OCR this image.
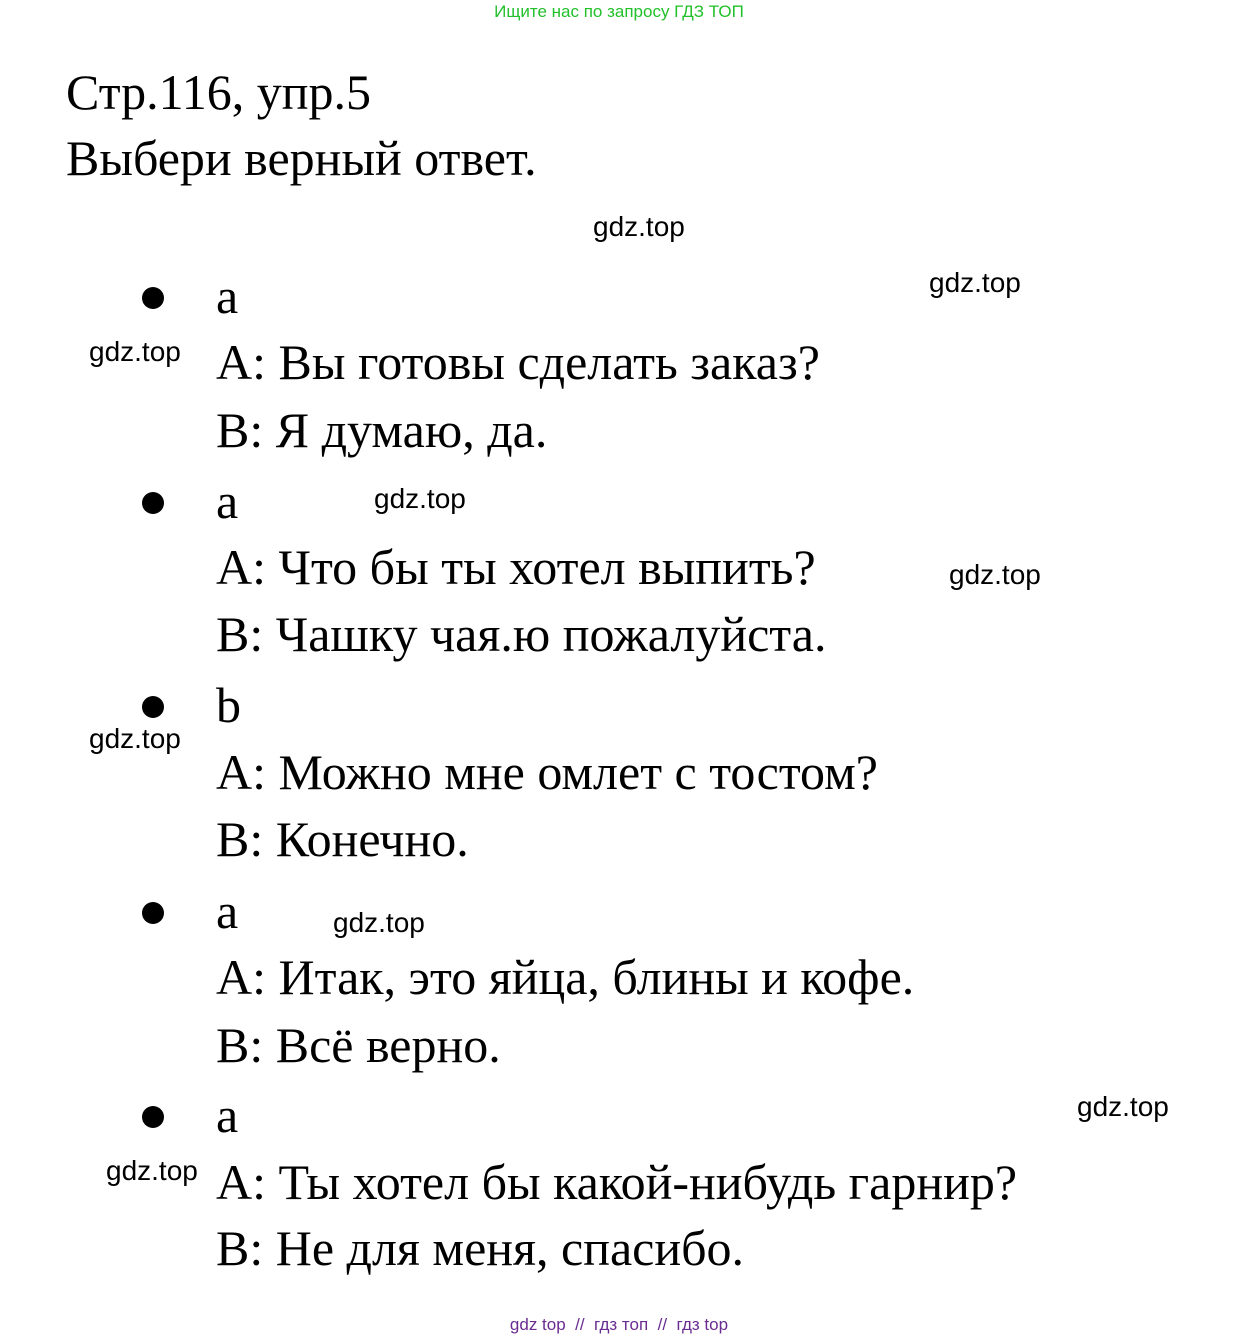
Ищите нас по запросу ГДЗ ТОП
Стр.116, упр.5
Выбери верный ответ.
a
A: Вы готовы сделать заказ?
B: Я думаю, да.
a
A: Что бы ты хотел выпить?
B: Чашку чая.ю пожалуйста.
b
A: Можно мне омлет с тостом?
B: Конечно.
a
A: Итак, это яйца, блины и кофе.
B: Всё верно.
a
A: Ты хотел бы какой-нибудь гарнир?
B: Не для меня, спасибо.
gdz.top
gdz.top
gdz.top
gdz.top
gdz.top
gdz.top
gdz.top
gdz.top
gdz.top
gdz top // гдз топ // гдз top
